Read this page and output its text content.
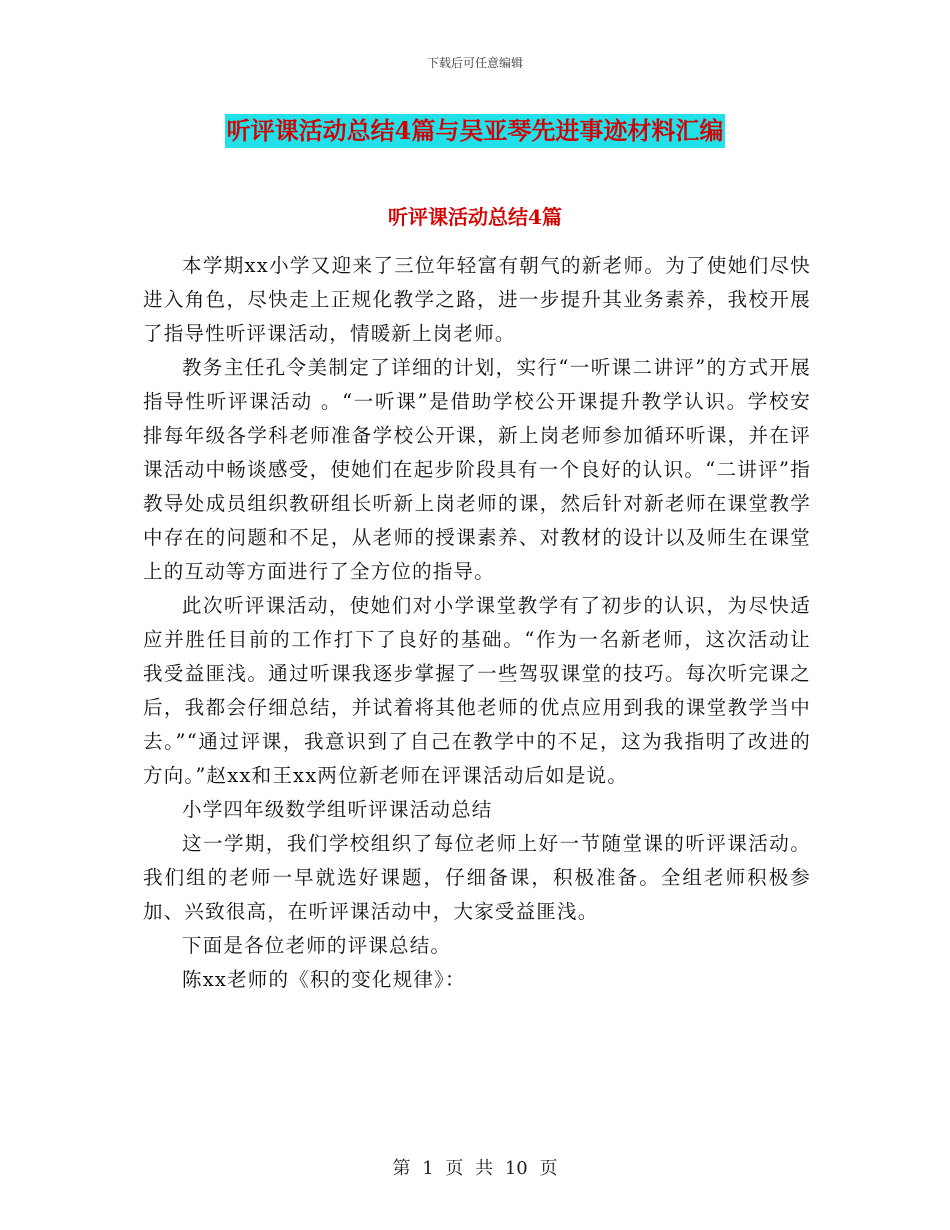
下载后可任意编辑
听评课活动总结4篇与吴亚琴先进事迹材料汇编
听评课活动总结4篇

本学期xx小学又迎来了三位年轻富有朝气的新老师。为了使她们尽快进入角色，尽快走上正规化教学之路，进一步提升其业务素养，我校开展了指导性听评课活动，情暖新上岗老师。

教务主任孔令美制定了详细的计划，实行“一听课二讲评”的方式开展指导性听评课活动 。“一听课”是借助学校公开课提升教学认识。学校安排每年级各学科老师准备学校公开课，新上岗老师参加循环听课，并在评课活动中畅谈感受，使她们在起步阶段具有一个良好的认识。“二讲评”指教导处成员组织教研组长听新上岗老师的课，然后针对新老师在课堂教学中存在的问题和不足，从老师的授课素养、对教材的设计以及师生在课堂上的互动等方面进行了全方位的指导。

此次听评课活动，使她们对小学课堂教学有了初步的认识，为尽快适应并胜任目前的工作打下了良好的基础。“作为一名新老师，这次活动让我受益匪浅。通过听课我逐步掌握了一些驾驭课堂的技巧。每次听完课之后，我都会仔细总结，并试着将其他老师的优点应用到我的课堂教学当中去。”“通过评课，我意识到了自己在教学中的不足，这为我指明了改进的方向。”赵xx和王xx两位新老师在评课活动后如是说。

小学四年级数学组听评课活动总结

这一学期，我们学校组织了每位老师上好一节随堂课的听评课活动。我们组的老师一早就选好课题，仔细备课，积极准备。全组老师积极参加、兴致很高，在听评课活动中，大家受益匪浅。

下面是各位老师的评课总结。

陈xx老师的《积的变化规律》：

第 1 页 共 10 页
